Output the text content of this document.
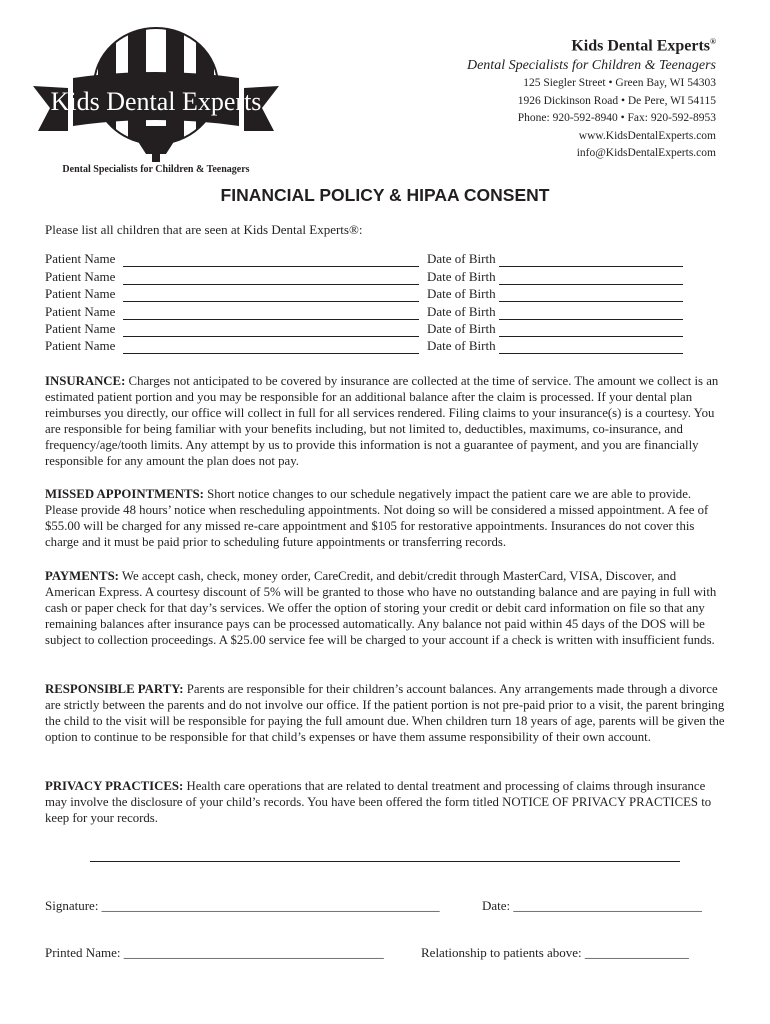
Kids Dental Experts
Dental Specialists for Children & Teenagers
Kids Dental Experts®
Dental Specialists for Children & Teenagers
125 Siegler Street • Green Bay, WI 54303
1926 Dickinson Road • De Pere, WI 54115
Phone: 920-592-8940 • Fax: 920-592-8953
www.KidsDentalExperts.com
info@KidsDentalExperts.com
FINANCIAL POLICY & HIPAA CONSENT
Please list all children that are seen at Kids Dental Experts®:
Patient Name	Date of Birth
Patient Name	Date of Birth
Patient Name	Date of Birth
Patient Name	Date of Birth
Patient Name	Date of Birth
Patient Name	Date of Birth

INSURANCE: Charges not anticipated to be covered by insurance are collected at the time of service. The amount we collect is an estimated patient portion and you may be responsible for an additional balance after the claim is processed. If your dental plan reimburses you directly, our office will collect in full for all services rendered. Filing claims to your insurance(s) is a courtesy. You are responsible for being familiar with your benefits including, but not limited to, deductibles, maximums, co-insurance, and frequency/age/tooth limits. Any attempt by us to provide this information is not a guarantee of payment, and you are financially responsible for any amount the plan does not pay.

MISSED APPOINTMENTS: Short notice changes to our schedule negatively impact the patient care we are able to provide. Please provide 48 hours’ notice when rescheduling appointments. Not doing so will be considered a missed appointment. A fee of $55.00 will be charged for any missed re-care appointment and $105 for restorative appointments. Insurances do not cover this charge and it must be paid prior to scheduling future appointments or transferring records.

PAYMENTS: We accept cash, check, money order, CareCredit, and debit/credit through MasterCard, VISA, Discover, and American Express. A courtesy discount of 5% will be granted to those who have no outstanding balance and are paying in full with cash or paper check for that day’s services. We offer the option of storing your credit or debit card information on file so that any remaining balances after insurance pays can be processed automatically. Any balance not paid within 45 days of the DOS will be subject to collection proceedings. A $25.00 service fee will be charged to your account if a check is written with insufficient funds.

RESPONSIBLE PARTY: Parents are responsible for their children’s account balances. Any arrangements made through a divorce are strictly between the parents and do not involve our office. If the patient portion is not pre-paid prior to a visit, the parent bringing the child to the visit will be responsible for paying the full amount due. When children turn 18 years of age, parents will be given the option to continue to be responsible for that child’s expenses or have them assume responsibility of their own account.

PRIVACY PRACTICES: Health care operations that are related to dental treatment and processing of claims through insurance may involve the disclosure of your child’s records. You have been offered the form titled NOTICE OF PRIVACY PRACTICES to keep for your records.

Signature: ____________________________________________________	Date: _____________________________
Printed Name: ________________________________________	Relationship to patients above: ________________
